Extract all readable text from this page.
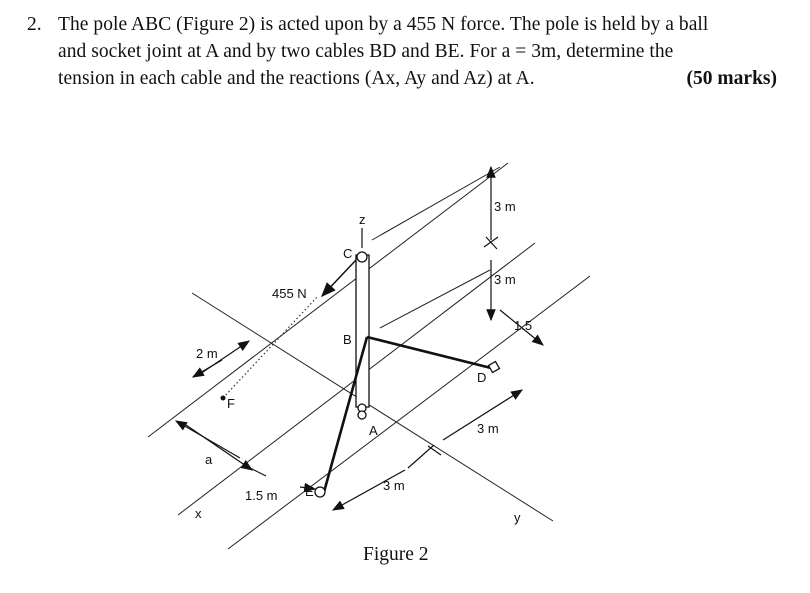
2. The pole ABC (Figure 2) is acted upon by a 455 N force. The pole is held by a ball
and socket joint at A and by two cables BD and BE. For a = 3m, determine the
tension in each cable and the reactions (Ax, Ay and Az) at A.	(50 marks)
z
C
B
A
D
E
F
x	y
a
455 N
2 m
1.5 m
3 m
3 m
3 m
3 m
1.5
Figure 2
